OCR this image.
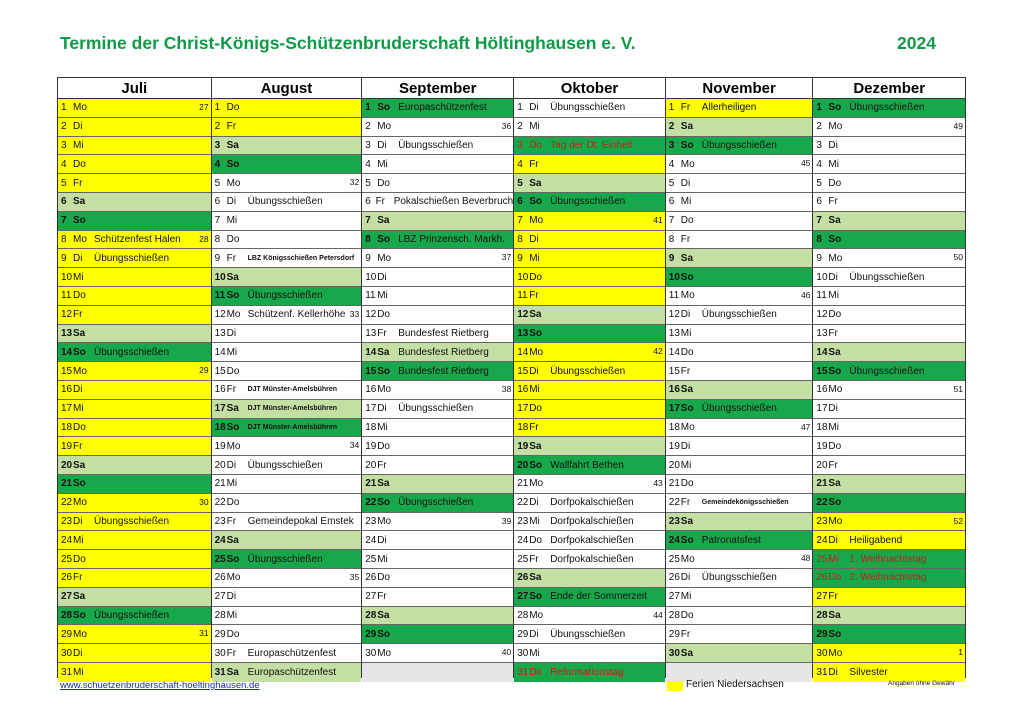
Termine der Christ-Königs-Schützenbruderschaft Höltinghausen e. V.	2024
Juli
1 Mo	27
2 Di
3 Mi
4 Do
5 Fr
6 Sa
7 So
8 Mo Schützenfest Halen 28
9 Di	Übungsschießen
10 Mi
11 Do
12 Fr
13 Sa
14 So Übungsschießen
15 Mo	29
16 Di
17 Mi
18 Do
19 Fr
20 Sa
21 So
22 Mo	30
23 Di	Übungsschießen
24 Mi
25 Do
26 Fr
27 Sa
28 So Übungsschießen
29 Mo	31
30 Di
31 Mi
August
1 Do
2 Fr
3 Sa
4 So
5 Mo	32
6 Di	Übungsschießen
7 Mi
8 Do
9 Fr	LBZ Königsschießen Petersdorf
10 Sa
11 So Übungsschießen
12 Mo Schützenf. Kellerhöhe 33
13 Di
14 Mi
15 Do
16 Fr	DJT Münster-Amelsbühren
17 Sa	DJT Münster-Amelsbühren
18 So	DJT Münster-Amelsbühren
19 Mo	34
20 Di	Übungsschießen
21 Mi
22 Do
23 Fr	Gemeindepokal Emstek
24 Sa
25 So Übungsschießen
26 Mo	35
27 Di
28 Mi
29 Do
30 Fr	Europaschützenfest
31 Sa Europaschützenfest
September
1 So Europaschützenfest
2 Mo	36
3 Di	Übungsschießen
4 Mi
5 Do
6 Fr Pokalschießen Beverbruch
7 Sa
8 So LBZ Prinzensch. Markh.
9 Mo	37
10 Di
11 Mi
12 Do
13 Fr	Bundesfest Rietberg
14 Sa Bundesfest Rietberg
15 So Bundesfest Rietberg
16 Mo	38
17 Di	Übungsschießen
18 Mi
19 Do
20 Fr
21 Sa
22 So Übungsschießen
23 Mo	39
24 Di
25 Mi
26 Do
27 Fr
28 Sa
29 So
30 Mo	40
Oktober
1 Di	Übungsschießen
2 Mi
3 Do Tag der Dt. Einheit
4 Fr
5 Sa
6 So Übungsschießen
7 Mo	41
8 Di
9 Mi
10 Do
11 Fr
12 Sa
13 So
14 Mo	42
15 Di	Übungsschießen
16 Mi
17 Do
18 Fr
19 Sa
20 So Wallfahrt Bethen
21 Mo	43
22 Di	Dorfpokalschießen
23 Mi	Dorfpokalschießen
24 Do Dorfpokalschießen
25 Fr	Dorfpokalschießen
26 Sa
27 So Ende der Sommerzeit
28 Mo	44
29 Di	Übungsschießen
30 Mi
31 Do Reformationstag
November
1 Fr	Allerheiligen
2 Sa
3 So Übungsschießen
4 Mo	45
5 Di
6 Mi
7 Do
8 Fr
9 Sa
10 So
11 Mo	46
12 Di	Übungsschießen
13 Mi
14 Do
15 Fr
16 Sa
17 So Übungsschießen
18 Mo	47
19 Di
20 Mi
21 Do
22 Fr	Gemeindekönigsschießen
23 Sa
24 So Patronatsfest
25 Mo	48
26 Di	Übungsschießen
27 Mi
28 Do
29 Fr
30 Sa
Dezember
1 So Übungsschießen
2 Mo	49
3 Di
4 Mi
5 Do
6 Fr
7 Sa
8 So
9 Mo	50
10 Di	Übungsschießen
11 Mi
12 Do
13 Fr
14 Sa
15 So Übungsschießen
16 Mo	51
17 Di
18 Mi
19 Do
20 Fr
21 Sa
22 So
23 Mo	52
24 Di	Heiligabend
25 Mi	1. Weihnachtstag
26 Do 2. Weihnachtstag
27 Fr
28 Sa
29 So
30 Mo	1
31 Di	Silvester
www.schuetzenbruderschaft-hoeltinghausen.de	Ferien Niedersachsen	Angaben ohne Gewähr
